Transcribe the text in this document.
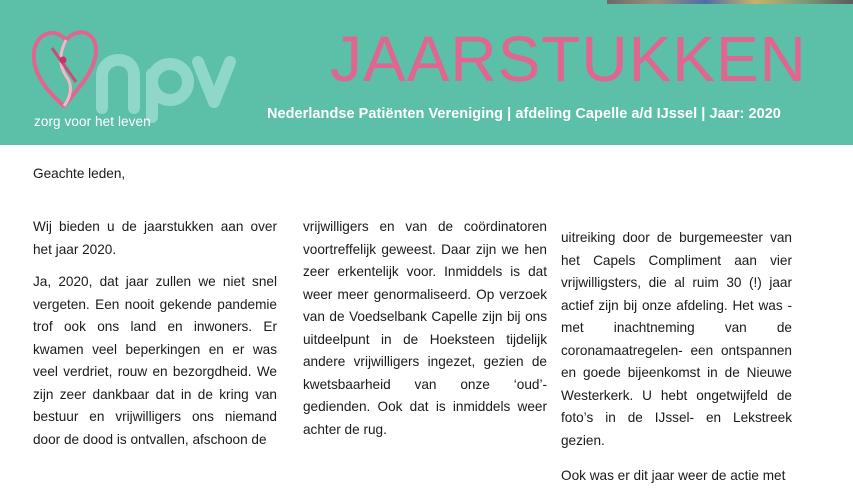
zorg voor het leven
JAARSTUKKEN
Nederlandse Patiënten Vereniging | afdeling Capelle a/d IJssel | Jaar: 2020
Geachte leden,

Wij bieden u de jaarstukken aan over het jaar 2020.

Ja, 2020, dat jaar zullen we niet snel vergeten. Een nooit gekende pandemie trof ook ons land en inwoners. Er kwamen veel beperkingen en er was veel verdriet, rouw en bezorgdheid. We zijn zeer dankbaar dat in de kring van bestuur en vrijwilligers ons niemand door de dood is ontvallen, afschoon de

vrijwilligers en van de coördinatoren voortreffelijk geweest. Daar zijn we hen zeer erkentelijk voor. Inmiddels is dat weer meer genormaliseerd. Op verzoek van de Voedselbank Capelle zijn bij ons uitdeelpunt in de Hoeksteen tijdelijk andere vrijwilligers ingezet, gezien de kwetsbaarheid van onze ‘oud’- gedienden. Ook dat is inmiddels weer achter de rug.

uitreiking door de burgemeester van het Capels Compliment aan vier vrijwilligsters, die al ruim 30 (!) jaar actief zijn bij onze afdeling. Het was - met inachtneming van de coronamaatregelen- een ontspannen en goede bijeenkomst in de Nieuwe Westerkerk. U hebt ongetwijfeld de foto’s in de IJssel- en Lekstreek gezien.

Ook was er dit jaar weer de actie met
